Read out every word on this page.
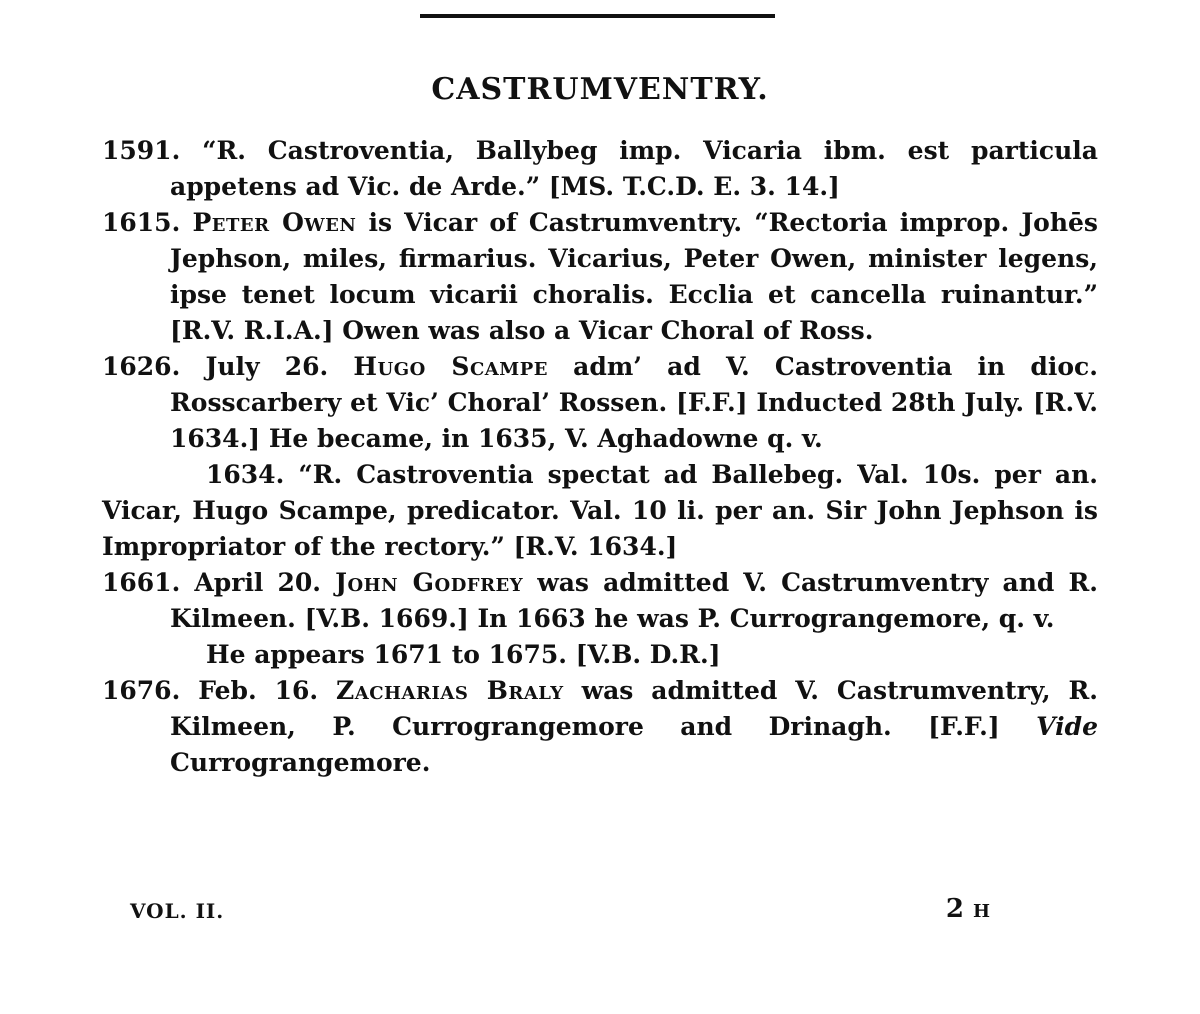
CASTRUMVENTRY.

1591. “R. Castroventia, Ballybeg imp. Vicaria ibm. est particula appetens ad Vic. de Arde.” [MS. T.C.D. E. 3. 14.]

1615. Peter Owen is Vicar of Castrumventry. “Rectoria improp. Johēs Jephson, miles, firmarius. Vicarius, Peter Owen, minister legens, ipse tenet locum vicarii choralis. Ecclia et cancella ruinantur.” [R.V. R.I.A.] Owen was also a Vicar Choral of Ross.

1626. July 26. Hugo Scampe adm’ ad V. Castroventia in dioc. Rosscarbery et Vic’ Choral’ Rossen. [F.F.] Inducted 28th July. [R.V. 1634.] He became, in 1635, V. Aghadowne q. v.

1634. “R. Castroventia spectat ad Ballebeg. Val. 10s. per an. Vicar, Hugo Scampe, predicator. Val. 10 li. per an. Sir John Jephson is Impropriator of the rectory.” [R.V. 1634.]

1661. April 20. John Godfrey was admitted V. Castrumventry and R. Kilmeen. [V.B. 1669.] In 1663 he was P. Currograngemore, q. v.

He appears 1671 to 1675. [V.B. D.R.]

1676. Feb. 16. Zacharias Braly was admitted V. Castrumventry, R. Kilmeen, P. Currograngemore and Drinagh. [F.F.] Vide Currograngemore.

VOL. II.	2 H
